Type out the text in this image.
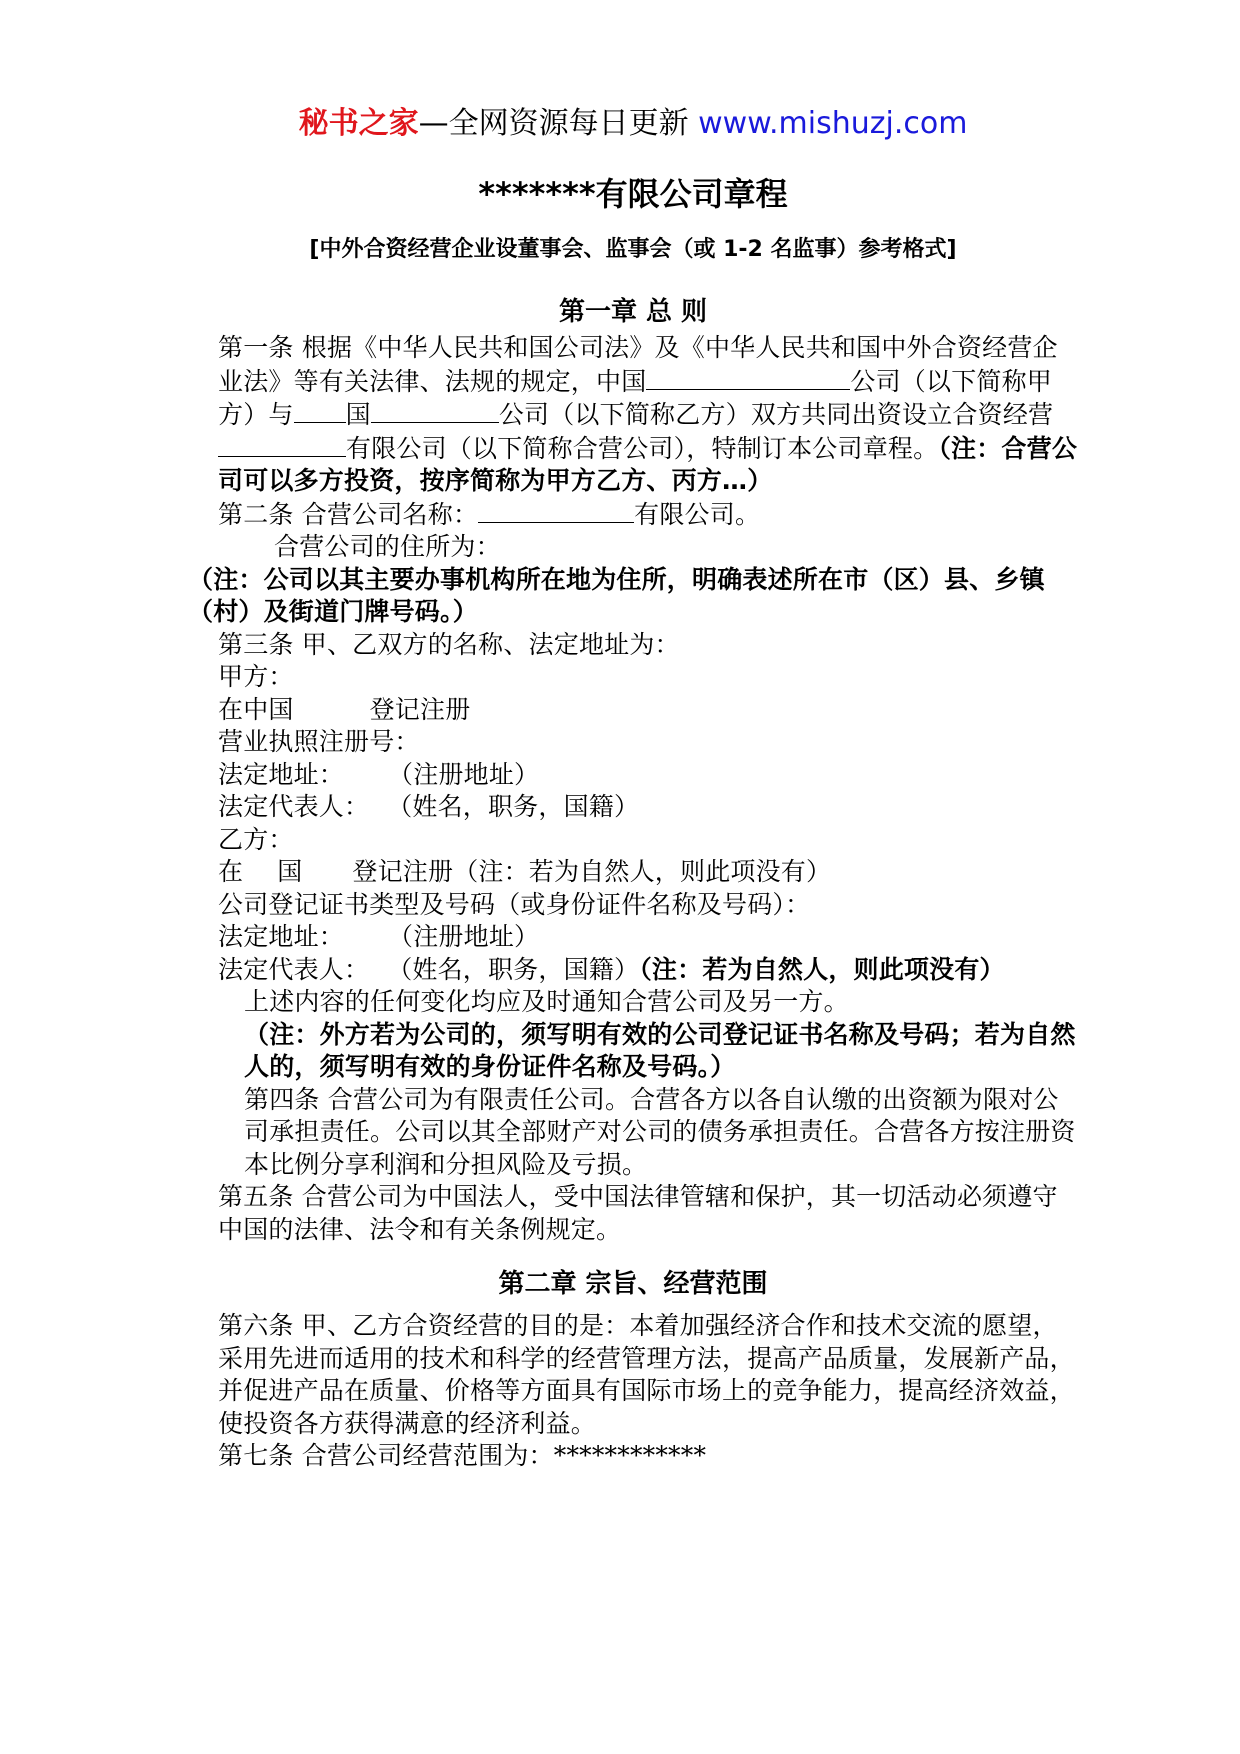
秘书之家—全网资源每日更新 www.mishuzj.com
*******有限公司章程
[中外合资经营企业设董事会、监事会（或 1-2 名监事）参考格式]
第一章 总 则
第一条 根据《中华人民共和国公司法》及《中华人民共和国中外合资经营企业法》等有关法律、法规的规定，中国	公司（以下简称甲方）与 国	公司（以下简称乙方）双方共同出资设立合资经营有限公司（以下简称合营公司），特制订本公司章程。（注：合营公司可以多方投资，按序简称为甲方乙方、丙方…）
第二条 合营公司名称：	有限公司。
合营公司的住所为：
（注：公司以其主要办事机构所在地为住所，明确表述所在市（区）县、乡镇（村）及街道门牌号码。）
第三条 甲、乙双方的名称、法定地址为：
甲方：
在中国	登记注册
营业执照注册号：
法定地址： （注册地址）
法定代表人： （姓名，职务，国籍）
乙方：
在 国 登记注册（注：若为自然人，则此项没有）
公司登记证书类型及号码（或身份证件名称及号码）：
法定地址： （注册地址）
法定代表人： （姓名，职务，国籍）（注：若为自然人，则此项没有）
上述内容的任何变化均应及时通知合营公司及另一方。
（注：外方若为公司的，须写明有效的公司登记证书名称及号码；若为自然人的，须写明有效的身份证件名称及号码。）
第四条 合营公司为有限责任公司。合营各方以各自认缴的出资额为限对公司承担责任。公司以其全部财产对公司的债务承担责任。合营各方按注册资本比例分享利润和分担风险及亏损。
第五条 合营公司为中国法人，受中国法律管辖和保护，其一切活动必须遵守中国的法律、法令和有关条例规定。
第二章 宗旨、经营范围
第六条 甲、乙方合资经营的目的是：本着加强经济合作和技术交流的愿望，采用先进而适用的技术和科学的经营管理方法，提高产品质量，发展新产品，并促进产品在质量、价格等方面具有国际市场上的竞争能力，提高经济效益，使投资各方获得满意的经济利益。
第七条 合营公司经营范围为：************
